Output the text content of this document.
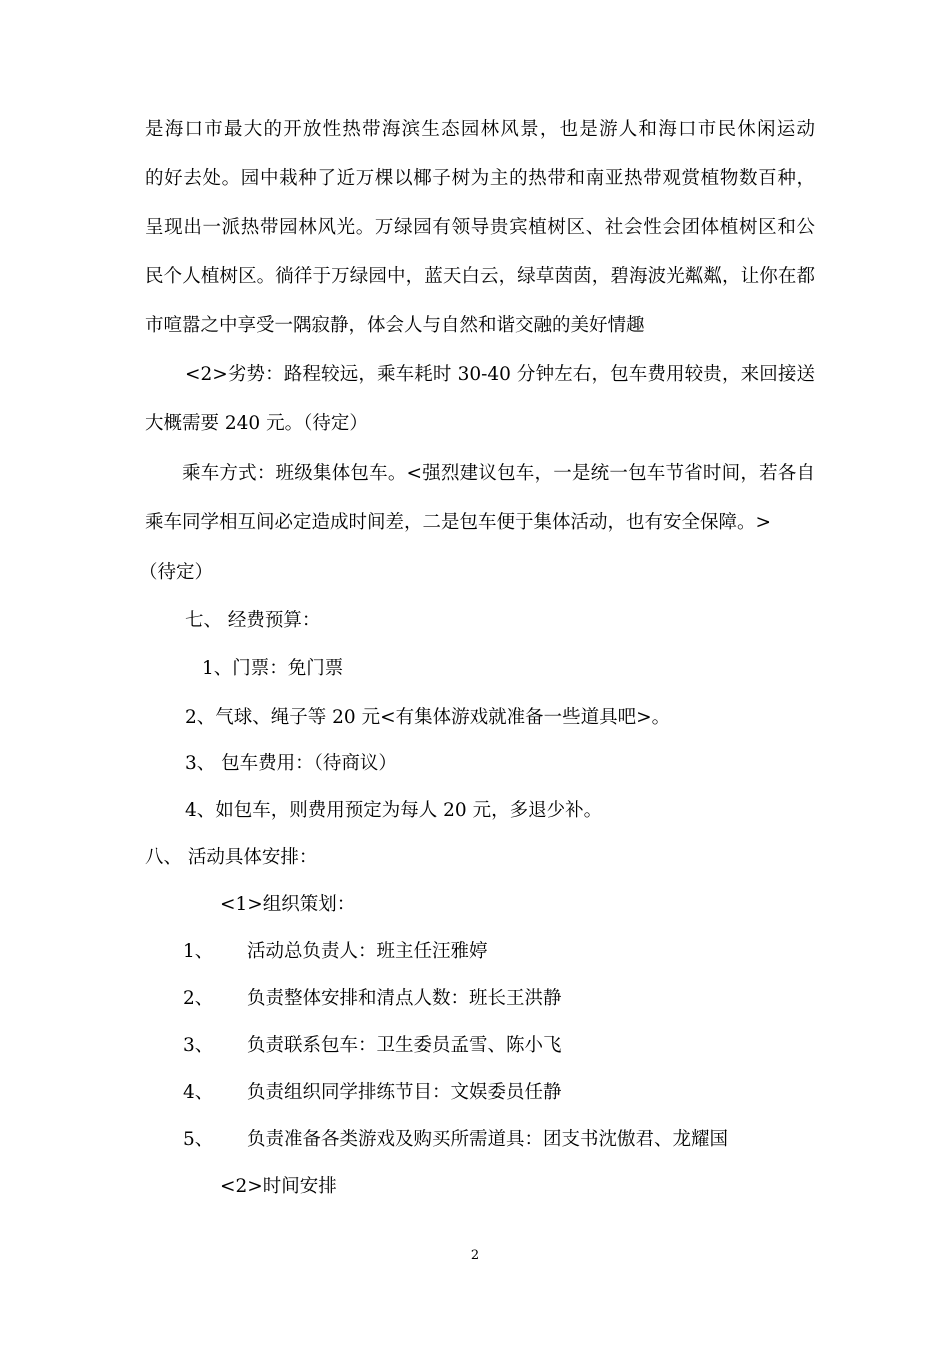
是海口市最大的开放性热带海滨生态园林风景，也是游人和海口市民休闲运动
的好去处。园中栽种了近万棵以椰子树为主的热带和南亚热带观赏植物数百种，
呈现出一派热带园林风光。万绿园有领导贵宾植树区、社会性会团体植树区和公
民个人植树区。徜徉于万绿园中，蓝天白云，绿草茵茵，碧海波光粼粼，让你在都
市喧嚣之中享受一隅寂静，体会人与自然和谐交融的美好情趣
<2>劣势：路程较远，乘车耗时 30-40 分钟左右，包车费用较贵，来回接送
大概需要 240 元。（待定）
乘车方式：班级集体包车。<强烈建议包车，一是统一包车节省时间，若各自
乘车同学相互间必定造成时间差，二是包车便于集体活动，也有安全保障。>
（待定）
七、 经费预算：
1、门票：免门票
2、气球、绳子等 20 元<有集体游戏就准备一些道具吧>。
3、 包车费用：（待商议）
4、如包车，则费用预定为每人 20 元，多退少补。
八、 活动具体安排：
<1>组织策划：
1、 活动总负责人：班主任汪雅婷
2、 负责整体安排和清点人数：班长王洪静
3、 负责联系包车：卫生委员孟雪、陈小飞
4、 负责组织同学排练节目：文娱委员任静
5、 负责准备各类游戏及购买所需道具：团支书沈傲君、龙耀国
<2>时间安排
2
